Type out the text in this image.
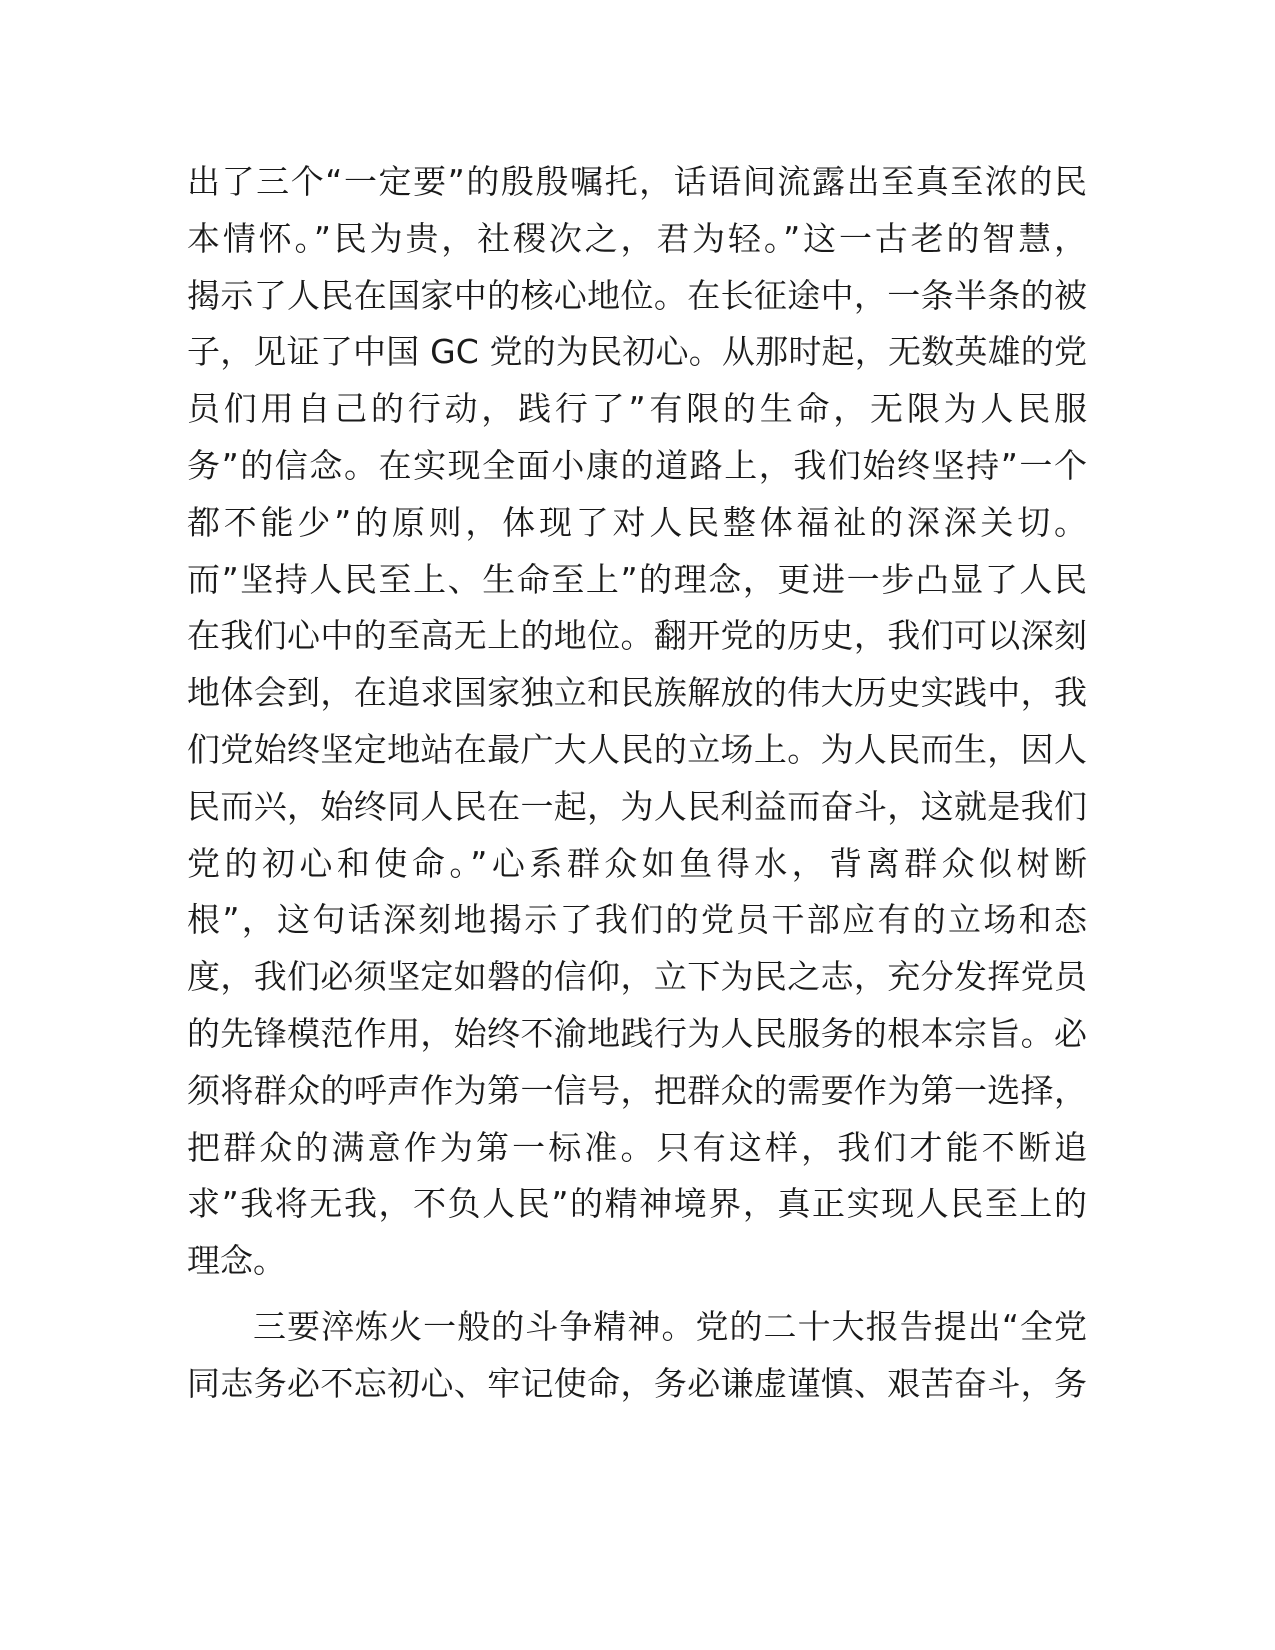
出了三个“一定要”的殷殷嘱托，话语间流露出至真至浓的民
本情怀。”民为贵，社稷次之，君为轻。”这一古老的智慧，
揭示了人民在国家中的核心地位。在长征途中，一条半条的被
子，见证了中国 GC 党的为民初心。从那时起，无数英雄的党
员们用自己的行动，践行了”有限的生命，无限为人民服
务”的信念。在实现全面小康的道路上，我们始终坚持”一个
都不能少”的原则，体现了对人民整体福祉的深深关切。
而”坚持人民至上、生命至上”的理念，更进一步凸显了人民
在我们心中的至高无上的地位。翻开党的历史，我们可以深刻
地体会到，在追求国家独立和民族解放的伟大历史实践中，我
们党始终坚定地站在最广大人民的立场上。为人民而生，因人
民而兴，始终同人民在一起，为人民利益而奋斗，这就是我们
党的初心和使命。”心系群众如鱼得水，背离群众似树断
根”，这句话深刻地揭示了我们的党员干部应有的立场和态
度，我们必须坚定如磐的信仰，立下为民之志，充分发挥党员
的先锋模范作用，始终不渝地践行为人民服务的根本宗旨。必
须将群众的呼声作为第一信号，把群众的需要作为第一选择，
把群众的满意作为第一标准。只有这样，我们才能不断追
求”我将无我，不负人民”的精神境界，真正实现人民至上的
理念。
三要淬炼火一般的斗争精神。党的二十大报告提出“全党
同志务必不忘初心、牢记使命，务必谦虚谨慎、艰苦奋斗，务
